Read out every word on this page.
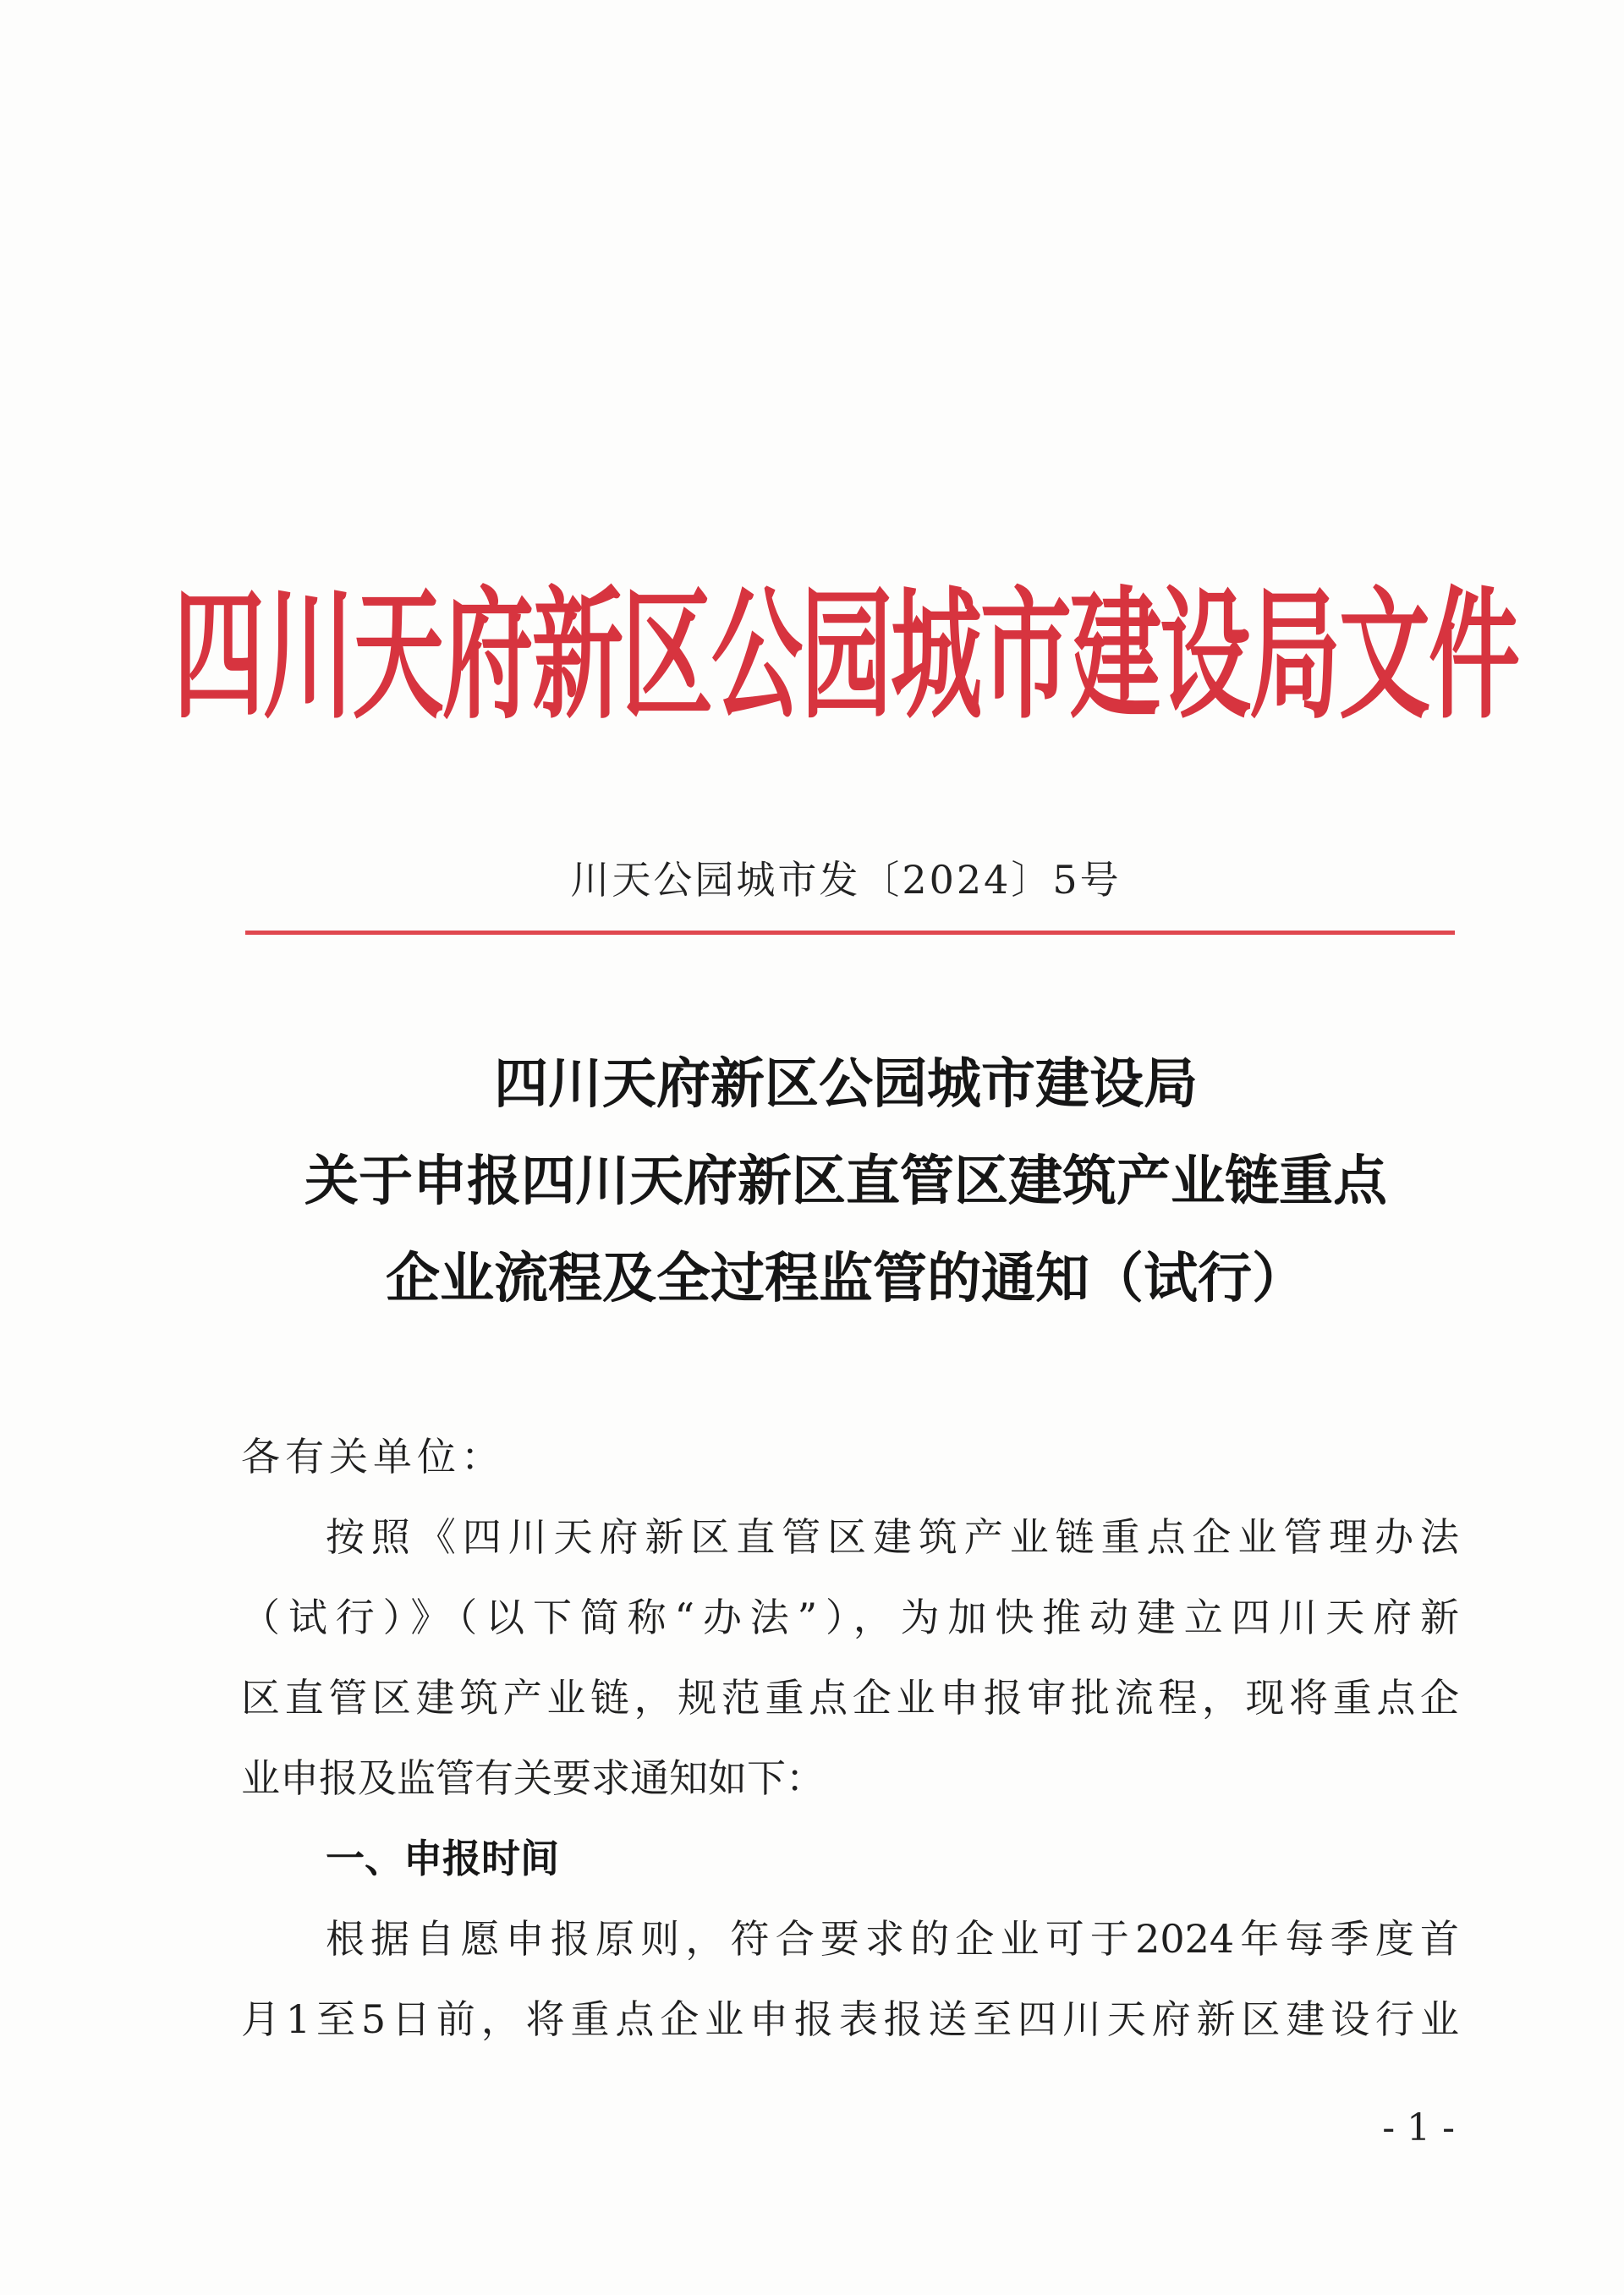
四川天府新区公园城市建设局文件
川天公园城市发〔2024〕5号
四川天府新区公园城市建设局
关于申报四川天府新区直管区建筑产业链重点
企业流程及全过程监管的通知（试行）
各有关单位：
按照《四川天府新区直管区建筑产业链重点企业管理办法
（试行）》（以下简称“办法”），为加快推动建立四川天府新
区直管区建筑产业链，规范重点企业申报审批流程，现将重点企
业申报及监管有关要求通知如下：
一、申报时间
根据自愿申报原则，符合要求的企业可于2024年每季度首
月1至5日前，将重点企业申报表报送至四川天府新区建设行业
- 1 -
